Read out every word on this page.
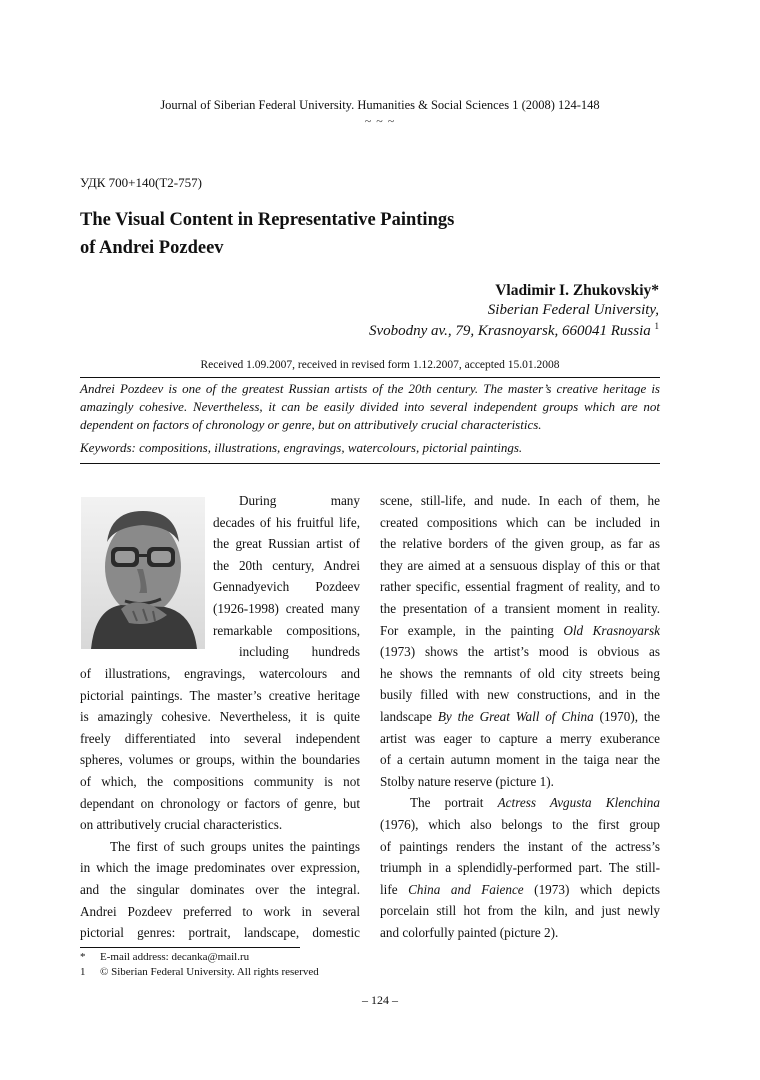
Journal of Siberian Federal University. Humanities & Social Sciences 1 (2008) 124-148
~ ~ ~
УДК 700+140(Т2-757)
The Visual Content in Representative Paintings
of Andrei Pozdeev
Vladimir I. Zhukovskiy*
Siberian Federal University,
Svobodny av., 79, Krasnoyarsk, 660041 Russia $^1$
Received 1.09.2007, received in revised form 1.12.2007, accepted 15.01.2008
Andrei Pozdeev is one of the greatest Russian artists of the 20th century. The master’s creative heritage is amazingly cohesive. Nevertheless, it can be easily divided into several independent groups which are not dependent on factors of chronology or genre, but on attributively crucial characteristics.
Keywords: compositions, illustrations, engravings, watercolours, pictorial paintings.
During many
decades of his fruitful life,
the great Russian artist of
the 20th century, Andrei
Gennadyevich Pozdeev
(1926-1998) created many
remarkable compositions,
including hundreds
of illustrations, engravings, watercolours and
pictorial paintings. The master’s creative heritage
is amazingly cohesive. Nevertheless, it is quite
freely differentiated into several independent
spheres, volumes or groups, within the boundaries
of which, the compositions community is not
dependant on chronology or factors of genre, but
on attributively crucial characteristics.
The first of such groups unites the paintings
in which the image predominates over expression,
and the singular dominates over the integral.
Andrei Pozdeev preferred to work in several
pictorial genres: portrait, landscape, domestic
scene, still-life, and nude. In each of them, he
created compositions which can be included in
the relative borders of the given group, as far as
they are aimed at a sensuous display of this or that
rather specific, essential fragment of reality, and to
the presentation of a transient moment in reality.
For example, in the painting Old Krasnoyarsk
(1973) shows the artist’s mood is obvious as
he shows the remnants of old city streets being
busily filled with new constructions, and in the
landscape By the Great Wall of China (1970), the
artist was eager to capture a merry exuberance
of a certain autumn moment in the taiga near the
Stolby nature reserve (picture 1).
The portrait Actress Avgusta Klenchina
(1976), which also belongs to the first group
of paintings renders the instant of the actress’s
triumph in a splendidly-performed part. The still-
life China and Faience (1973) which depicts
porcelain still hot from the kiln, and just newly
and colorfully painted (picture 2).
* E-mail address: decanka@mail.ru
1 © Siberian Federal University. All rights reserved
– 124 –
